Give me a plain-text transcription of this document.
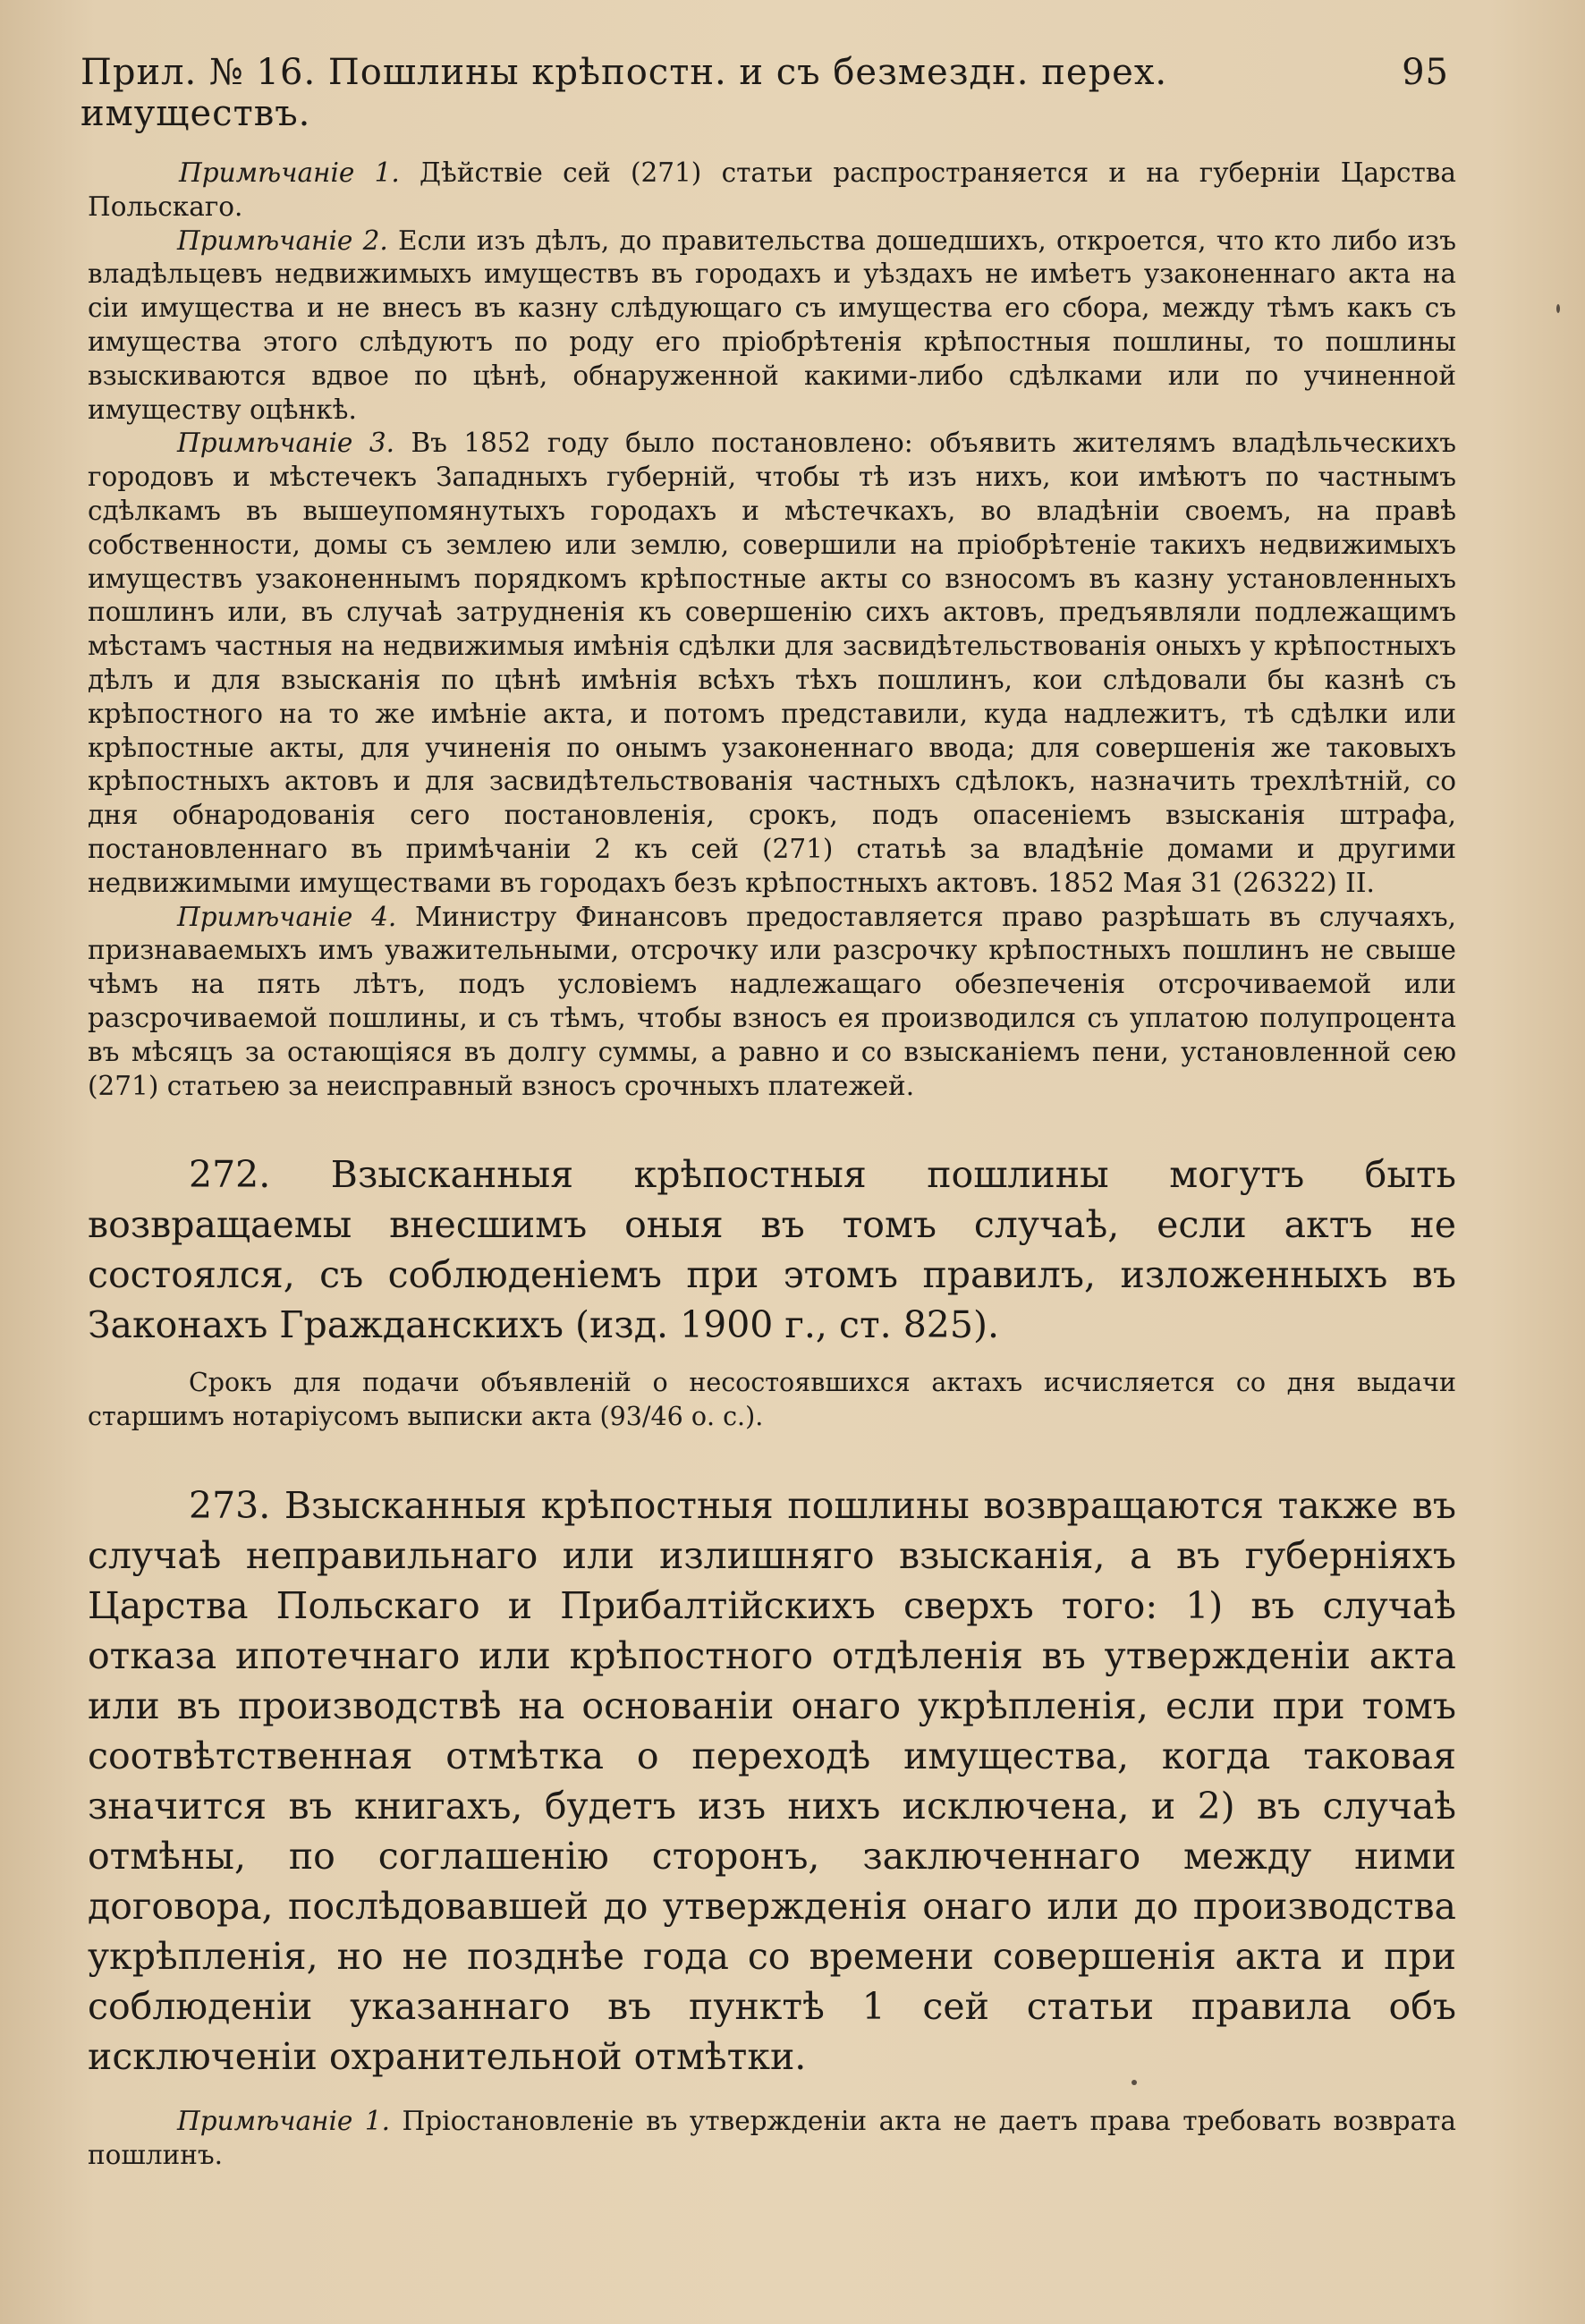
Прил. № 16. Пошлины крѣпостн. и съ безмездн. перех. имуществъ.
95

Примѣчаніе 1. Дѣйствіе сей (271) статьи распространяется и на губерніи Царства Польскаго.

Примѣчаніе 2. Если изъ дѣлъ, до правительства дошедшихъ, откроется, что кто либо изъ владѣльцевъ недвижимыхъ имуществъ въ городахъ и уѣздахъ не имѣетъ узаконеннаго акта на сіи имущества и не внесъ въ казну слѣдующаго съ имущества его сбора, между тѣмъ какъ съ имущества этого слѣдуютъ по роду его пріобрѣтенія крѣпостныя пошлины, то пошлины взыскиваются вдвое по цѣнѣ, обнаруженной какими-либо сдѣлками или по учиненной имуществу оцѣнкѣ.

Примѣчаніе 3. Въ 1852 году было постановлено: объявить жителямъ владѣльческихъ городовъ и мѣстечекъ Западныхъ губерній, чтобы тѣ изъ нихъ, кои имѣютъ по частнымъ сдѣлкамъ въ вышеупомянутыхъ городахъ и мѣстечкахъ, во владѣніи своемъ, на правѣ собственности, домы съ землею или землю, совершили на пріобрѣтеніе такихъ недвижимыхъ имуществъ узаконеннымъ порядкомъ крѣпостные акты со взносомъ въ казну установленныхъ пошлинъ или, въ случаѣ затрудненія къ совершенію сихъ актовъ, предъявляли подлежащимъ мѣстамъ частныя на недвижимыя имѣнія сдѣлки для засвидѣтельствованія оныхъ у крѣпостныхъ дѣлъ и для взысканія по цѣнѣ имѣнія всѣхъ тѣхъ пошлинъ, кои слѣдовали бы казнѣ съ крѣпостного на то же имѣніе акта, и потомъ представили, куда надлежитъ, тѣ сдѣлки или крѣпостные акты, для учиненія по онымъ узаконеннаго ввода; для совершенія же таковыхъ крѣпостныхъ актовъ и для засвидѣтельствованія частныхъ сдѣлокъ, назначить трехлѣтній, со дня обнародованія сего постановленія, срокъ, подъ опасеніемъ взысканія штрафа, постановленнаго въ примѣчаніи 2 къ сей (271) статьѣ за владѣніе домами и другими недвижимыми имуществами въ городахъ безъ крѣпостныхъ актовъ. 1852 Мая 31 (26322) II.

Примѣчаніе 4. Министру Финансовъ предоставляется право разрѣшать въ случаяхъ, признаваемыхъ имъ уважительными, отсрочку или разсрочку крѣпостныхъ пошлинъ не свыше чѣмъ на пять лѣтъ, подъ условіемъ надлежащаго обезпеченія отсрочиваемой или разсрочиваемой пошлины, и съ тѣмъ, чтобы взносъ ея производился съ уплатою полупроцента въ мѣсяцъ за остающіяся въ долгу суммы, а равно и со взысканіемъ пени, установленной сею (271) статьею за неисправный взносъ срочныхъ платежей.

272. Взысканныя крѣпостныя пошлины могутъ быть возвращаемы внесшимъ оныя въ томъ случаѣ, если актъ не состоялся, съ соблюденіемъ при этомъ правилъ, изложенныхъ въ Законахъ Гражданскихъ (изд. 1900 г., ст. 825).

Срокъ для подачи объявленій о несостоявшихся актахъ исчисляется со дня выдачи старшимъ нотаріусомъ выписки акта (93/46 о. с.).

273. Взысканныя крѣпостныя пошлины возвращаются также въ случаѣ неправильнаго или излишняго взысканія, а въ губерніяхъ Царства Польскаго и Прибалтійскихъ сверхъ того: 1) въ случаѣ отказа ипотечнаго или крѣпостного отдѣленія въ утвержденіи акта или въ производствѣ на основаніи онаго укрѣпленія, если при томъ соотвѣтственная отмѣтка о переходѣ имущества, когда таковая значится въ книгахъ, будетъ изъ нихъ исключена, и 2) въ случаѣ отмѣны, по соглашенію сторонъ, заключеннаго между ними договора, послѣдовавшей до утвержденія онаго или до производства укрѣпленія, но не позднѣе года со времени совершенія акта и при соблюденіи указаннаго въ пунктѣ 1 сей статьи правила объ исключеніи охранительной отмѣтки.

Примѣчаніе 1. Пріостановленіе въ утвержденіи акта не даетъ права требовать возврата пошлинъ.
